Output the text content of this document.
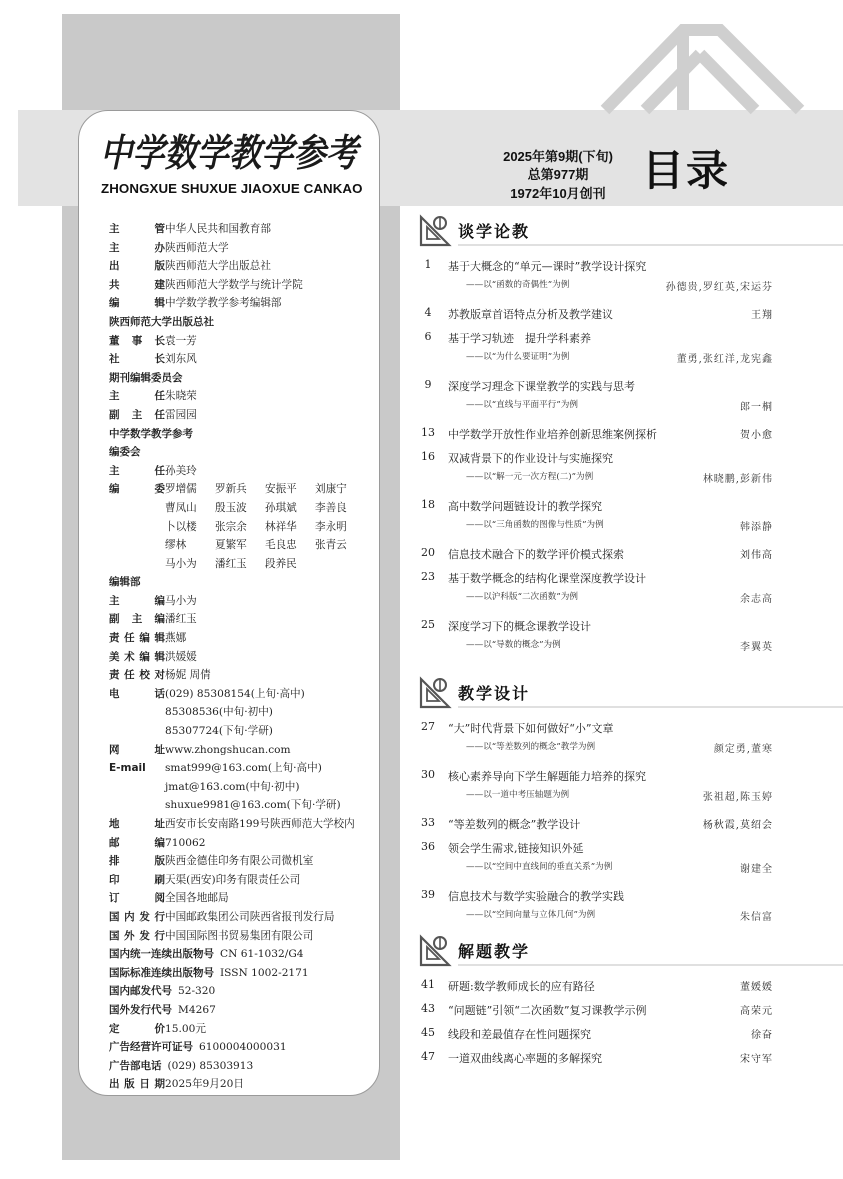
中学数学教学参考
ZHONGXUE SHUXUE JIAOXUE CANKAO
2025年第9期(下旬)
总第977期
1972年10月创刊 目录
主	管 中华人民共和国教育部
主	办 陕西师范大学
出	版 陕西师范大学出版总社
共	建 陕西师范大学数学与统计学院
编	辑 中学数学教学参考编辑部
陕西师范大学出版总社
董 事 长 袁一芳
社	长 刘东风
期刊编辑委员会
主	任 朱晓荣
副 主 任 雷园园
中学数学教学参考
编委会
主	任 孙美玲
编	委 罗增儒	罗新兵	安振平	刘康宁
曹凤山	殷玉波	孙琪斌	李善良
卜以楼	张宗余	林祥华	李永明
缪林	夏繁军	毛良忠	张青云
马小为	潘红玉	段养民
编辑部
主	编 马小为
副 主 编 潘红玉
责 任 编 辑 燕娜
美 术 编 辑 洪媛媛
责 任 校 对 杨妮 周倩
电	话 (029) 85308154(上旬·高中)
85308536(中旬·初中)
85307724(下旬·学研)
网	址 www.zhongshucan.com
E-mail	smat999@163.com(上旬·高中)
jmat@163.com(中旬·初中)
shuxue9981@163.com(下旬·学研)
地	址 西安市长安南路199号陕西师范大学校内
邮	编 710062
排	版 陕西金德佳印务有限公司微机室
印	刷 天渠(西安)印务有限责任公司
订	阅 全国各地邮局
国 内 发 行 中国邮政集团公司陕西省报刊发行局
国 外 发 行 中国国际图书贸易集团有限公司
国内统一连续出版物号 CN 61-1032/G4
国际标准连续出版物号 ISSN 1002-2171
国内邮发代号 52-320
国外发行代号 M4267
定	价 15.00元
广告经营许可证号 6100004000031
广告部电话 (029) 85303913
出 版 日 期 2025年9月20日
谈学论教
1	基于大概念的“单元—课时”教学设计探究
——以“函数的奇偶性”为例	孙德贵,罗红英,宋运芬
4	苏教版章首语特点分析及教学建议	王翔
6	基于学习轨迹　提升学科素养
——以“为什么要证明”为例	董勇,张红洋,龙宪鑫
9	深度学习理念下课堂教学的实践与思考
——以“直线与平面平行”为例	郎一桐
13 中学数学开放性作业培养创新思维案例探析	贺小愈
16 双减背景下的作业设计与实施探究
——以“解一元一次方程(二)”为例	林晓鹏,彭新伟
18 高中数学问题链设计的教学探究
——以“三角函数的图像与性质”为例	韩添静
20 信息技术融合下的数学评价模式探索	刘伟高
23 基于数学概念的结构化课堂深度教学设计
——以沪科版“二次函数”为例	余志高
25 深度学习下的概念课教学设计
——以“导数的概念”为例	李翼英
教学设计
27 “大”时代背景下如何做好“小”文章
——以“等差数列的概念”教学为例	颜定勇,董寒
30 核心素养导向下学生解题能力培养的探究
——以一道中考压轴题为例	张祖超,陈玉婷
33 “等差数列的概念”教学设计	杨秋霞,莫绍会
36 领会学生需求,链接知识外延
——以“空间中直线间的垂直关系”为例	谢建全
39 信息技术与数学实验融合的教学实践
——以“空间向量与立体几何”为例	朱信富
解题教学
41 研题:数学教师成长的应有路径	董媛媛
43 “问题链”引领“二次函数”复习课教学示例	高荣元
45 线段和差最值存在性问题探究	徐奋
47 一道双曲线离心率题的多解探究	宋守军
